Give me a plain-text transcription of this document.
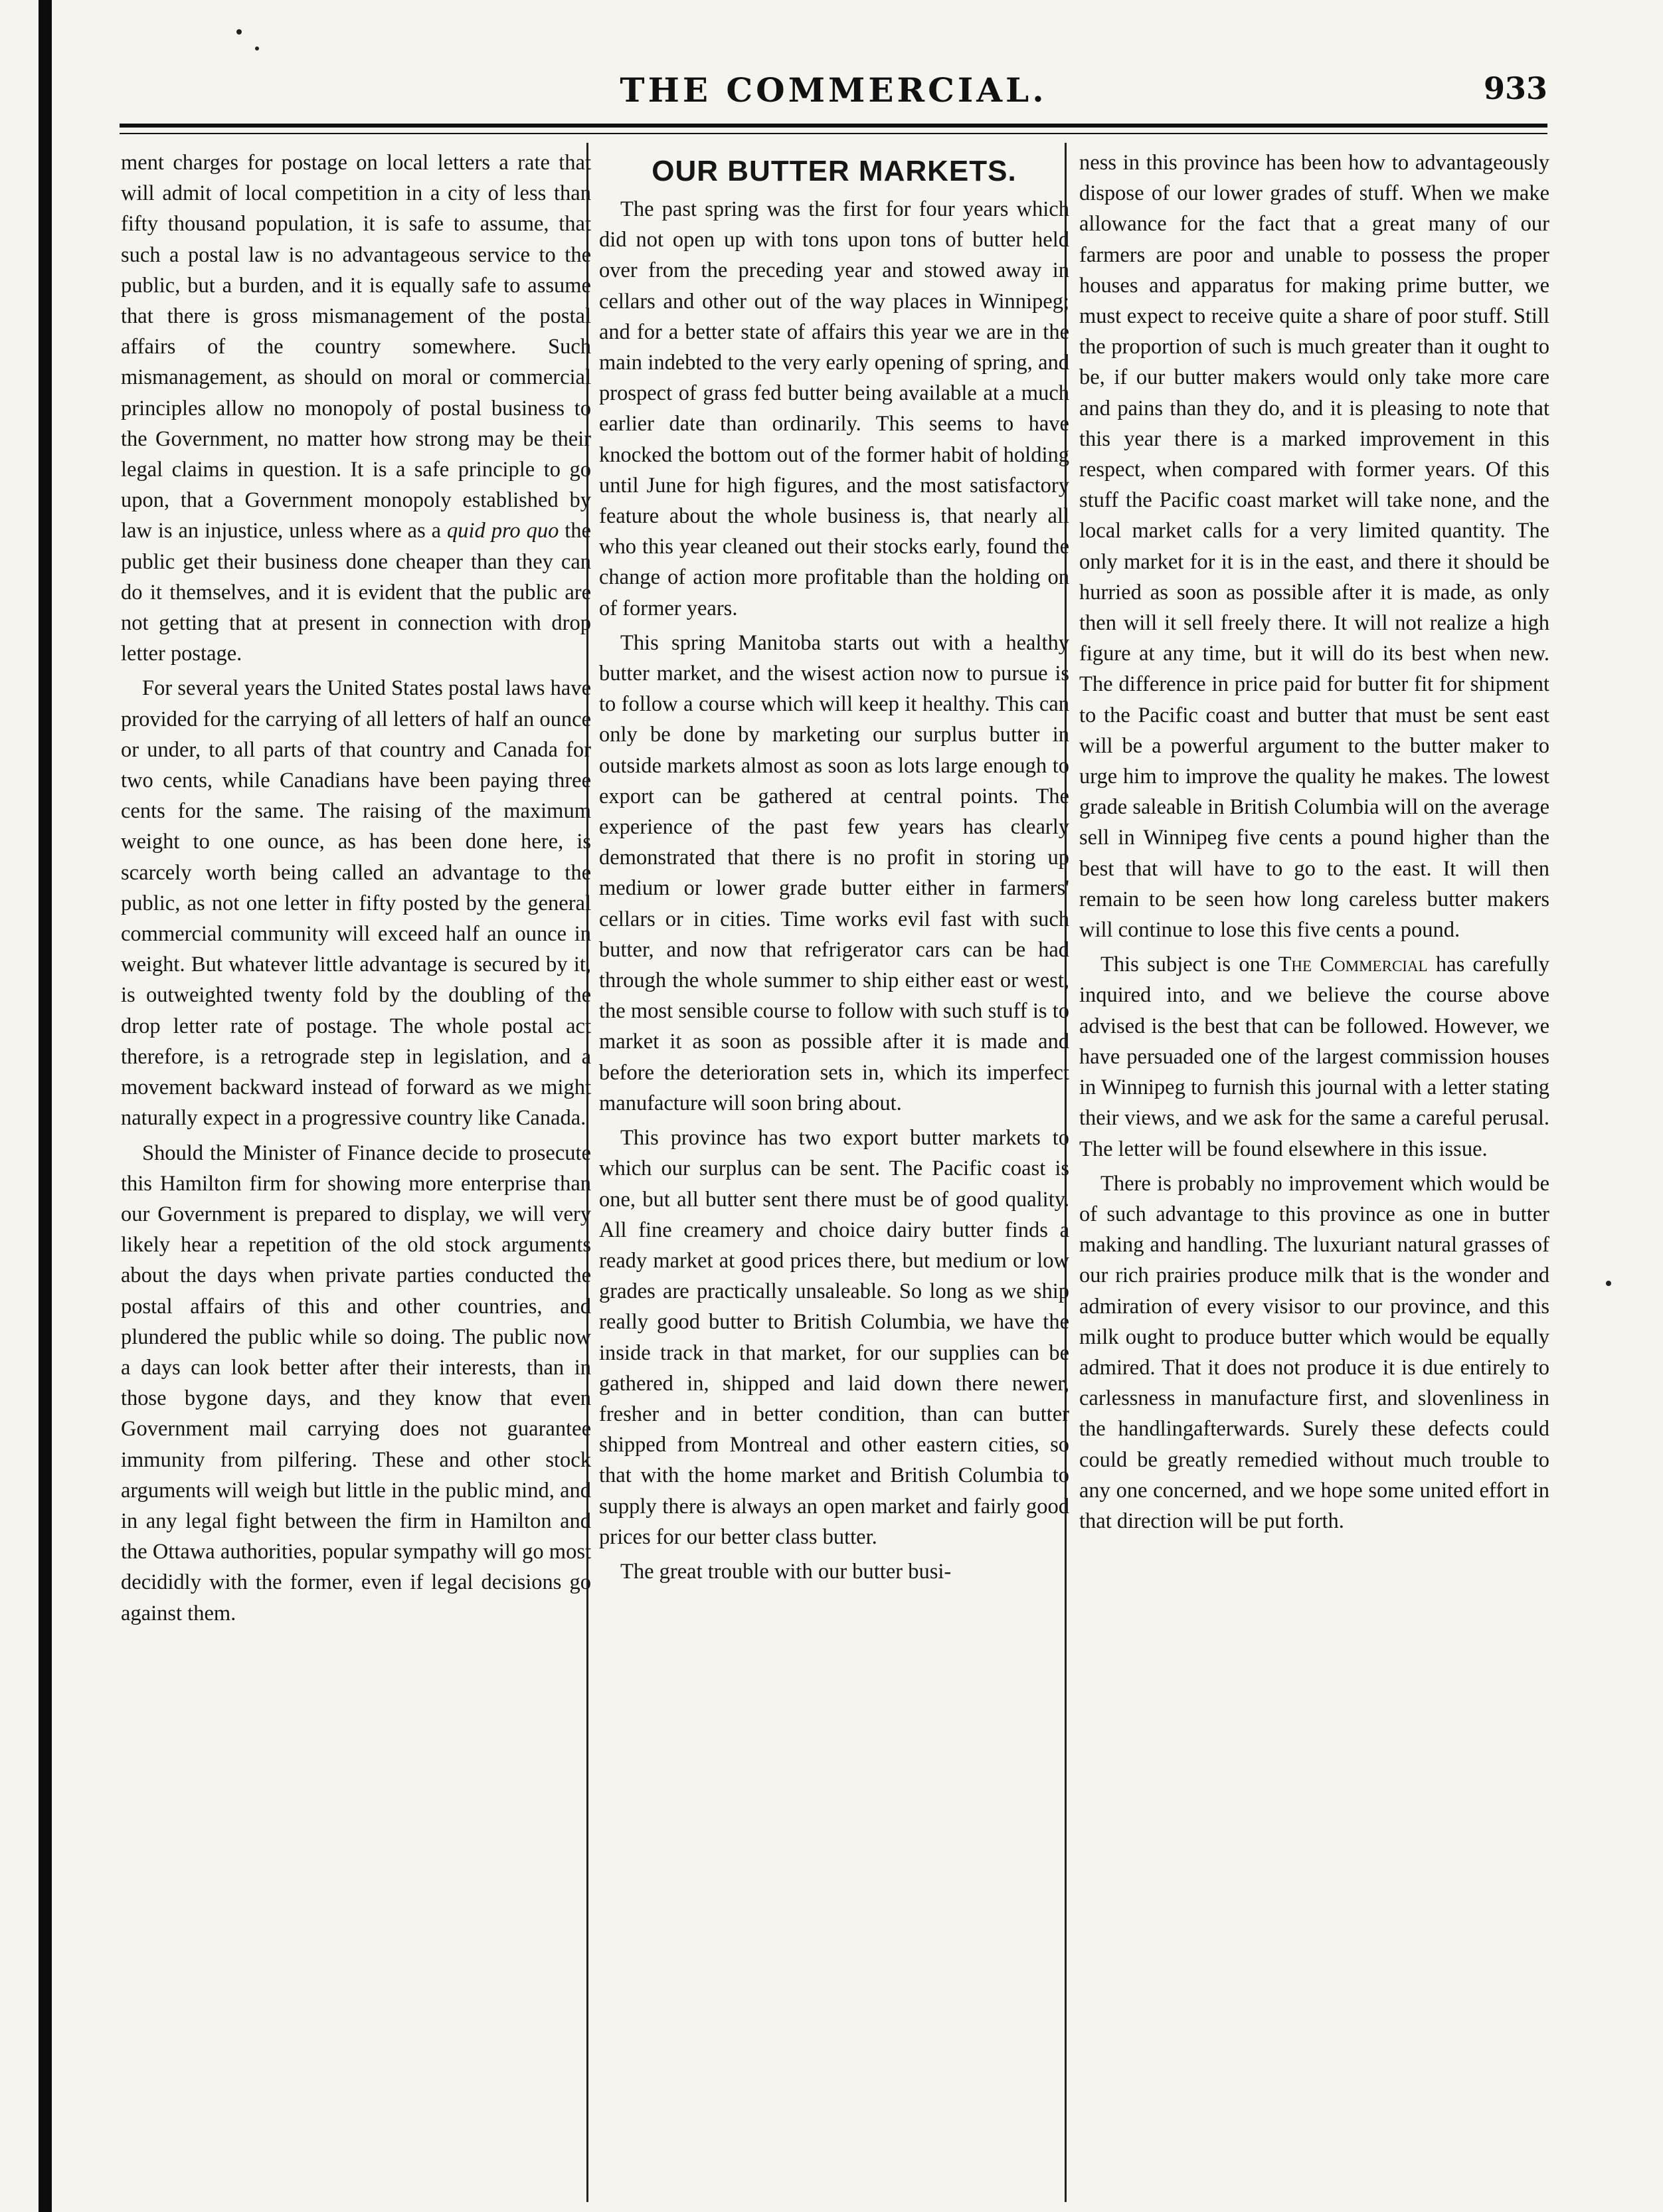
THE COMMERCIAL.	933

ment charges for postage on local letters a rate that will admit of local competition in a city of less than fifty thousand population, it is safe to assume, that such a postal law is no advantageous service to the public, but a burden, and it is equally safe to assume that there is gross mismanagement of the postal affairs of the country somewhere. Such mismanagement, as should on moral or commercial principles allow no monopoly of postal business to the Government, no matter how strong may be their legal claims in question. It is a safe principle to go upon, that a Government monopoly established by law is an injustice, unless where as a quid pro quo the public get their business done cheaper than they can do it themselves, and it is evident that the public are not getting that at present in connection with drop letter postage.

For several years the United States postal laws have provided for the carrying of all letters of half an ounce or under, to all parts of that country and Canada for two cents, while Canadians have been paying three cents for the same. The raising of the maximum weight to one ounce, as has been done here, is scarcely worth being called an advantage to the public, as not one letter in fifty posted by the general commercial community will exceed half an ounce in weight. But whatever little advantage is secured by it, is outweighted twenty fold by the doubling of the drop letter rate of postage. The whole postal act therefore, is a retrograde step in legislation, and a movement backward instead of forward as we might naturally expect in a progressive country like Canada.

Should the Minister of Finance decide to prosecute this Hamilton firm for showing more enterprise than our Government is prepared to display, we will very likely hear a repetition of the old stock arguments about the days when private parties conducted the postal affairs of this and other countries, and plundered the public while so doing. The public now a days can look better after their interests, than in those bygone days, and they know that even Government mail carrying does not guarantee immunity from pilfering. These and other stock arguments will weigh but little in the public mind, and in any legal fight between the firm in Hamilton and the Ottawa authorities, popular sympathy will go most decididly with the former, even if legal decisions go against them.

OUR BUTTER MARKETS.

The past spring was the first for four years which did not open up with tons upon tons of butter held over from the preceding year and stowed away in cellars and other out of the way places in Winnipeg; and for a better state of affairs this year we are in the main indebted to the very early opening of spring, and prospect of grass fed butter being available at a much earlier date than ordinarily. This seems to have knocked the bottom out of the former habit of holding until June for high figures, and the most satisfactory feature about the whole business is, that nearly all who this year cleaned out their stocks early, found the change of action more profitable than the holding on of former years.

This spring Manitoba starts out with a healthy butter market, and the wisest action now to pursue is to follow a course which will keep it healthy. This can only be done by marketing our surplus butter in outside markets almost as soon as lots large enough to export can be gathered at central points. The experience of the past few years has clearly demonstrated that there is no profit in storing up medium or lower grade butter either in farmers' cellars or in cities. Time works evil fast with such butter, and now that refrigerator cars can be had through the whole summer to ship either east or west, the most sensible course to follow with such stuff is to market it as soon as possible after it is made and before the deterioration sets in, which its imperfect manufacture will soon bring about.

This province has two export butter markets to which our surplus can be sent. The Pacific coast is one, but all butter sent there must be of good quality. All fine creamery and choice dairy butter finds a ready market at good prices there, but medium or low grades are practically unsaleable. So long as we ship really good butter to British Columbia, we have the inside track in that market, for our supplies can be gathered in, shipped and laid down there newer, fresher and in better condition, than can butter shipped from Montreal and other eastern cities, so that with the home market and British Columbia to supply there is always an open market and fairly good prices for our better class butter.

The great trouble with our butter busi-

ness in this province has been how to advantageously dispose of our lower grades of stuff. When we make allowance for the fact that a great many of our farmers are poor and unable to possess the proper houses and apparatus for making prime butter, we must expect to receive quite a share of poor stuff. Still the proportion of such is much greater than it ought to be, if our butter makers would only take more care and pains than they do, and it is pleasing to note that this year there is a marked improvement in this respect, when compared with former years. Of this stuff the Pacific coast market will take none, and the local market calls for a very limited quantity. The only market for it is in the east, and there it should be hurried as soon as possible after it is made, as only then will it sell freely there. It will not realize a high figure at any time, but it will do its best when new. The difference in price paid for butter fit for shipment to the Pacific coast and butter that must be sent east will be a powerful argument to the butter maker to urge him to improve the quality he makes. The lowest grade saleable in British Columbia will on the average sell in Winnipeg five cents a pound higher than the best that will have to go to the east. It will then remain to be seen how long careless butter makers will continue to lose this five cents a pound.

This subject is one The Commercial has carefully inquired into, and we believe the course above advised is the best that can be followed. However, we have persuaded one of the largest commission houses in Winnipeg to furnish this journal with a letter stating their views, and we ask for the same a careful perusal. The letter will be found elsewhere in this issue.

There is probably no improvement which would be of such advantage to this province as one in butter making and handling. The luxuriant natural grasses of our rich prairies produce milk that is the wonder and admiration of every visisor to our province, and this milk ought to produce butter which would be equally admired. That it does not produce it is due entirely to carlessness in manufacture first, and slovenliness in the handlingafterwards. Surely these defects could could be greatly remedied without much trouble to any one concerned, and we hope some united effort in that direction will be put forth.
